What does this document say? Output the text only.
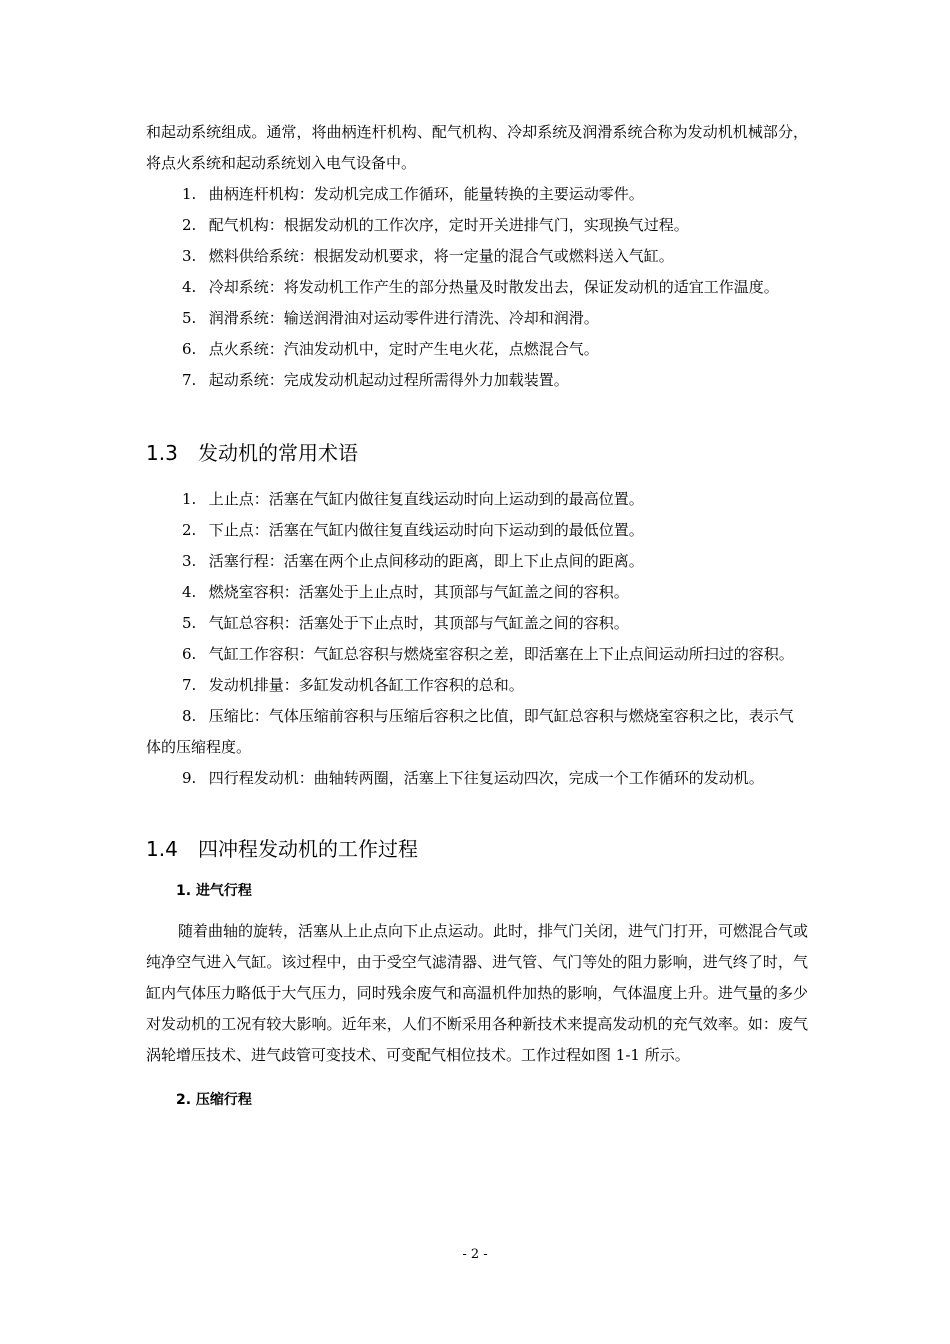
和起动系统组成。通常，将曲柄连杆机构、配气机构、冷却系统及润滑系统合称为发动机机械部分，将点火系统和起动系统划入电气设备中。

1. 曲柄连杆机构：发动机完成工作循环，能量转换的主要运动零件。

2. 配气机构：根据发动机的工作次序，定时开关进排气门，实现换气过程。

3. 燃料供给系统：根据发动机要求，将一定量的混合气或燃料送入气缸。

4. 冷却系统：将发动机工作产生的部分热量及时散发出去，保证发动机的适宜工作温度。

5. 润滑系统：输送润滑油对运动零件进行清洗、冷却和润滑。

6. 点火系统：汽油发动机中，定时产生电火花，点燃混合气。

7. 起动系统：完成发动机起动过程所需得外力加载装置。

1.3 发动机的常用术语

1. 上止点：活塞在气缸内做往复直线运动时向上运动到的最高位置。

2. 下止点：活塞在气缸内做往复直线运动时向下运动到的最低位置。

3. 活塞行程：活塞在两个止点间移动的距离，即上下止点间的距离。

4. 燃烧室容积：活塞处于上止点时，其顶部与气缸盖之间的容积。

5. 气缸总容积：活塞处于下止点时，其顶部与气缸盖之间的容积。

6. 气缸工作容积：气缸总容积与燃烧室容积之差，即活塞在上下止点间运动所扫过的容积。

7. 发动机排量：多缸发动机各缸工作容积的总和。

8. 压缩比：气体压缩前容积与压缩后容积之比值，即气缸总容积与燃烧室容积之比，表示气体的压缩程度。

9. 四行程发动机：曲轴转两圈，活塞上下往复运动四次，完成一个工作循环的发动机。

1.4 四冲程发动机的工作过程
1. 进气行程

随着曲轴的旋转，活塞从上止点向下止点运动。此时，排气门关闭，进气门打开，可燃混合气或纯净空气进入气缸。该过程中，由于受空气滤清器、进气管、气门等处的阻力影响，进气终了时，气缸内气体压力略低于大气压力，同时残余废气和高温机件加热的影响，气体温度上升。进气量的多少对发动机的工况有较大影响。近年来，人们不断采用各种新技术来提高发动机的充气效率。如：废气涡轮增压技术、进气歧管可变技术、可变配气相位技术。工作过程如图 1-1 所示。

2. 压缩行程
- 2 -
